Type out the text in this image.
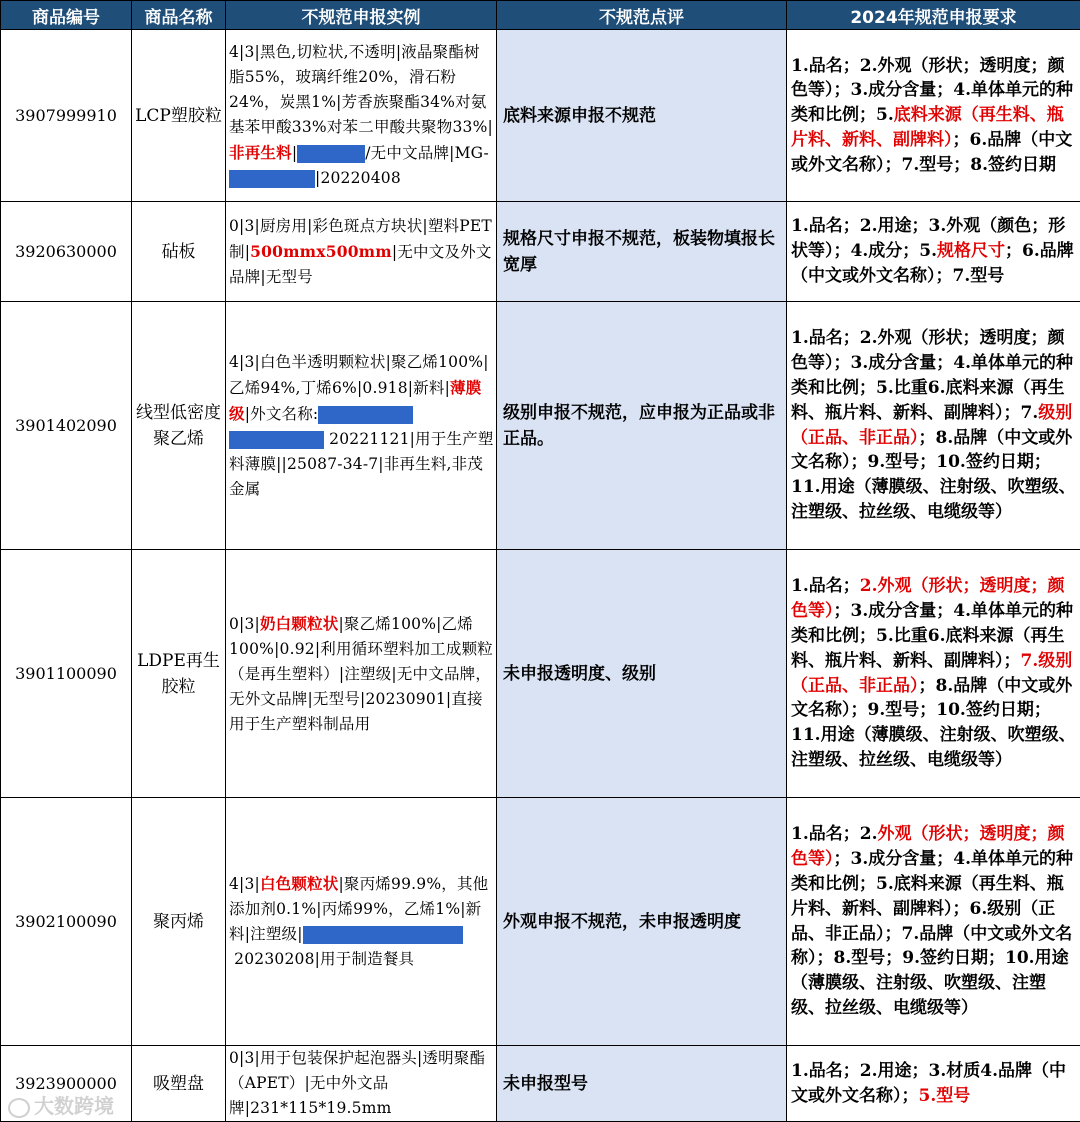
商品编号	商品名称	不规范申报实例	不规范点评	2024年规范申报要求
3907999910	LCP塑胶粒	4|3|黑色,切粒状,不透明|液晶聚酯树脂55%，玻璃纤维20%，滑石粉24%，炭黑1%|芳香族聚酯34%对氨基苯甲酸33%对苯二甲酸共聚物33%|非再生料| /无中文品牌|MG-|20220408	底料来源申报不规范	1.品名；2.外观（形状；透明度；颜色等）；3.成分含量；4.单体单元的种类和比例；5.底料来源（再生料、瓶片料、新料、副牌料）；6.品牌（中文或外文名称）；7.型号；8.签约日期
3920630000	砧板	0|3|厨房用|彩色斑点方块状|塑料PET制|500mmx500mm|无中文及外文品牌|无型号	规格尺寸申报不规范，板装物填报长宽厚	1.品名；2.用途；3.外观（颜色；形状等）；4.成分；5.规格尺寸；6.品牌（中文或外文名称）；7.型号
3901402090	线型低密度聚乙烯	4|3|白色半透明颗粒状|聚乙烯100%|乙烯94%,丁烯6%|0.918|新料|薄膜级|外文名称: 20221121|用于生产塑料薄膜||25087-34-7|非再生料,非茂金属	级别申报不规范，应申报为正品或非正品。	1.品名；2.外观（形状；透明度；颜色等）；3.成分含量；4.单体单元的种类和比例；5.比重6.底料来源（再生料、瓶片料、新料、副牌料）；7.级别（正品、非正品）；8.品牌（中文或外文名称）；9.型号；10.签约日期；11.用途（薄膜级、注射级、吹塑级、注塑级、拉丝级、电缆级等）
3901100090	LDPE再生胶粒	0|3|奶白颗粒状|聚乙烯100%|乙烯100%|0.92|利用循环塑料加工成颗粒（是再生塑料）|注塑级|无中文品牌，无外文品牌|无型号|20230901|直接用于生产塑料制品用	未申报透明度、级别	1.品名；2.外观（形状；透明度；颜色等）；3.成分含量；4.单体单元的种类和比例；5.比重6.底料来源（再生料、瓶片料、新料、副牌料）；7.级别（正品、非正品）；8.品牌（中文或外文名称）；9.型号；10.签约日期；11.用途（薄膜级、注射级、吹塑级、注塑级、拉丝级、电缆级等）
3902100090	聚丙烯	4|3|白色颗粒状|聚丙烯99.9%，其他添加剂0.1%|丙烯99%，乙烯1%|新料|注塑级| 20230208|用于制造餐具	外观申报不规范，未申报透明度	1.品名；2.外观（形状；透明度；颜色等）；3.成分含量；4.单体单元的种类和比例；5.底料来源（再生料、瓶片料、新料、副牌料）；6.级别（正品、非正品）；7.品牌（中文或外文名称）；8.型号；9.签约日期；10.用途（薄膜级、注射级、吹塑级、注塑级、拉丝级、电缆级等）
3923900000	吸塑盘	0|3|用于包装保护起泡器头|透明聚酯（APET）|无中外文品牌|231*115*19.5mm	未申报型号	1.品名；2.用途；3.材质4.品牌（中文或外文名称）；5.型号
大数跨境
